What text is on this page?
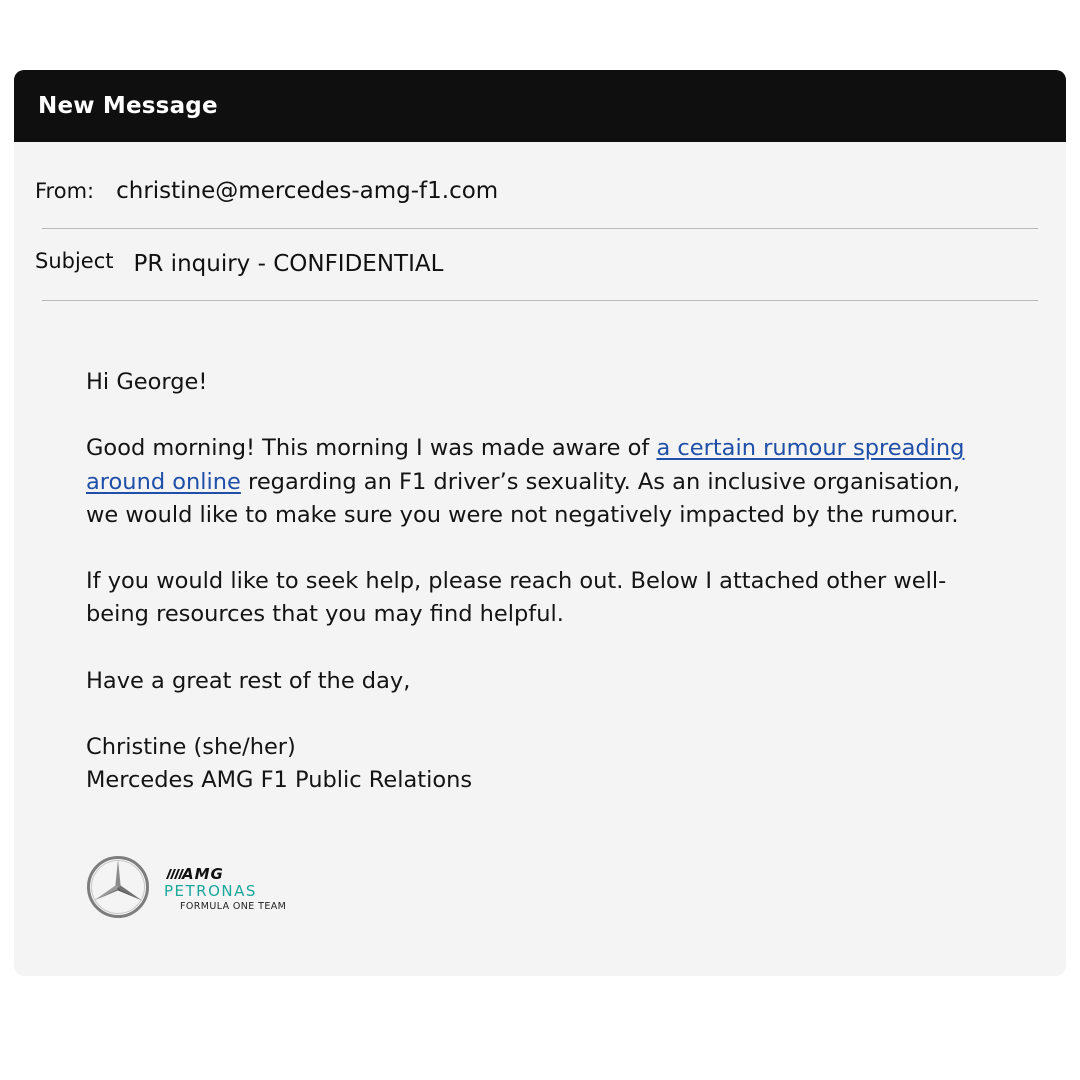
New Message
From: christine@mercedes-amg-f1.com
Subject PR inquiry - CONFIDENTIAL

Hi George!

Good morning! This morning I was made aware of a certain rumour spreading around online regarding an F1 driver’s sexuality. As an inclusive organisation, we would like to make sure you were not negatively impacted by the rumour.

If you would like to seek help, please reach out. Below I attached other well-being resources that you may find helpful.

Have a great rest of the day,

Christine (she/her)

Mercedes AMG F1 Public Relations

AMG
PETRONAS
FORMULA ONE TEAM
